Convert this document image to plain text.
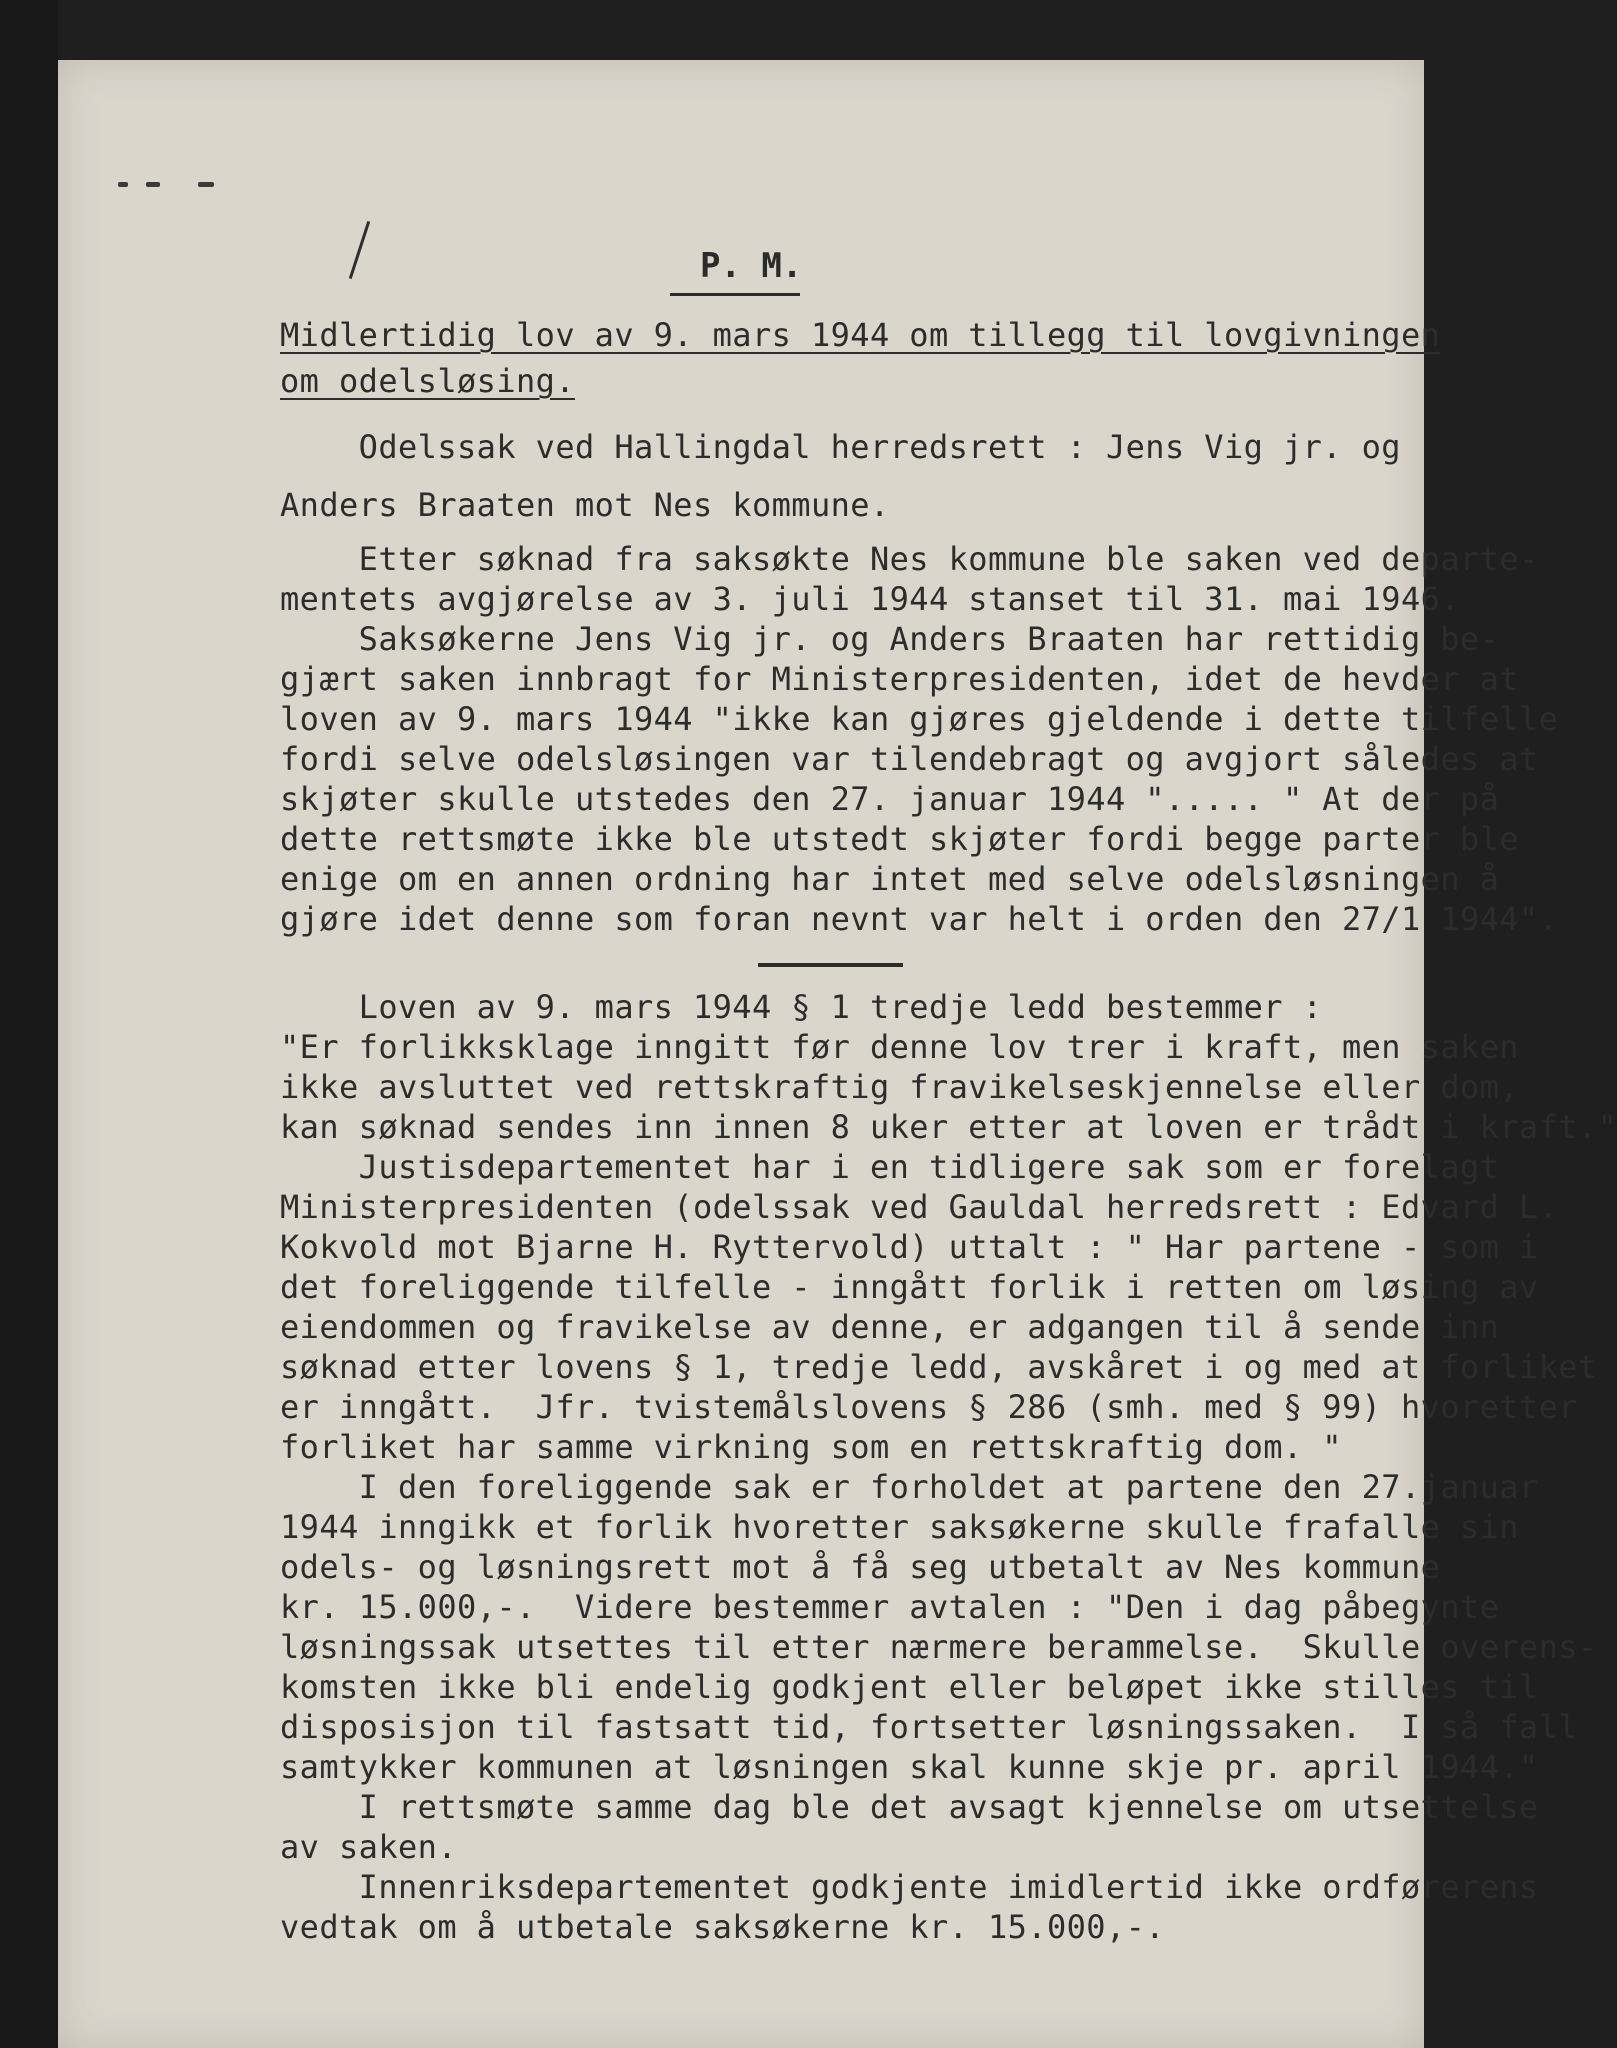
P. M.
Midlertidig lov av 9. mars 1944 om tillegg til lovgivningen
om odelsløsing.
Odelssak ved Hallingdal herredsrett : Jens Vig jr. og
Anders Braaten mot Nes kommune.
Etter søknad fra saksøkte Nes kommune ble saken ved departe-
mentets avgjørelse av 3. juli 1944 stanset til 31. mai 1946.
Saksøkerne Jens Vig jr. og Anders Braaten har rettidig be-
gjært saken innbragt for Ministerpresidenten, idet de hevder at
loven av 9. mars 1944 "ikke kan gjøres gjeldende i dette tilfelle
fordi selve odelsløsingen var tilendebragt og avgjort således at
skjøter skulle utstedes den 27. januar 1944 "..... " At der på
dette rettsmøte ikke ble utstedt skjøter fordi begge parter ble
enige om en annen ordning har intet med selve odelsløsningen å
gjøre idet denne som foran nevnt var helt i orden den 27/1 1944".
Loven av 9. mars 1944 § 1 tredje ledd bestemmer :
"Er forlikksklage inngitt før denne lov trer i kraft, men saken
ikke avsluttet ved rettskraftig fravikelseskjennelse eller dom,
kan søknad sendes inn innen 8 uker etter at loven er trådt i kraft."
Justisdepartementet har i en tidligere sak som er forelagt
Ministerpresidenten (odelssak ved Gauldal herredsrett : Edvard L.
Kokvold mot Bjarne H. Ryttervold) uttalt : " Har partene - som i
det foreliggende tilfelle - inngått forlik i retten om løsing av
eiendommen og fravikelse av denne, er adgangen til å sende inn
søknad etter lovens § 1, tredje ledd, avskåret i og med at forliket
er inngått.  Jfr. tvistemålslovens § 286 (smh. med § 99) hvoretter
forliket har samme virkning som en rettskraftig dom. "
I den foreliggende sak er forholdet at partene den 27.januar
1944 inngikk et forlik hvoretter saksøkerne skulle frafalle sin
odels- og løsningsrett mot å få seg utbetalt av Nes kommune
kr. 15.000,-.  Videre bestemmer avtalen : "Den i dag påbegynte
løsningssak utsettes til etter nærmere berammelse.  Skulle overens-
komsten ikke bli endelig godkjent eller beløpet ikke stilles til
disposisjon til fastsatt tid, fortsetter løsningssaken.  I så fall
samtykker kommunen at løsningen skal kunne skje pr. april 1944."
I rettsmøte samme dag ble det avsagt kjennelse om utsettelse
av saken.
Innenriksdepartementet godkjente imidlertid ikke ordførerens
vedtak om å utbetale saksøkerne kr. 15.000,-.
